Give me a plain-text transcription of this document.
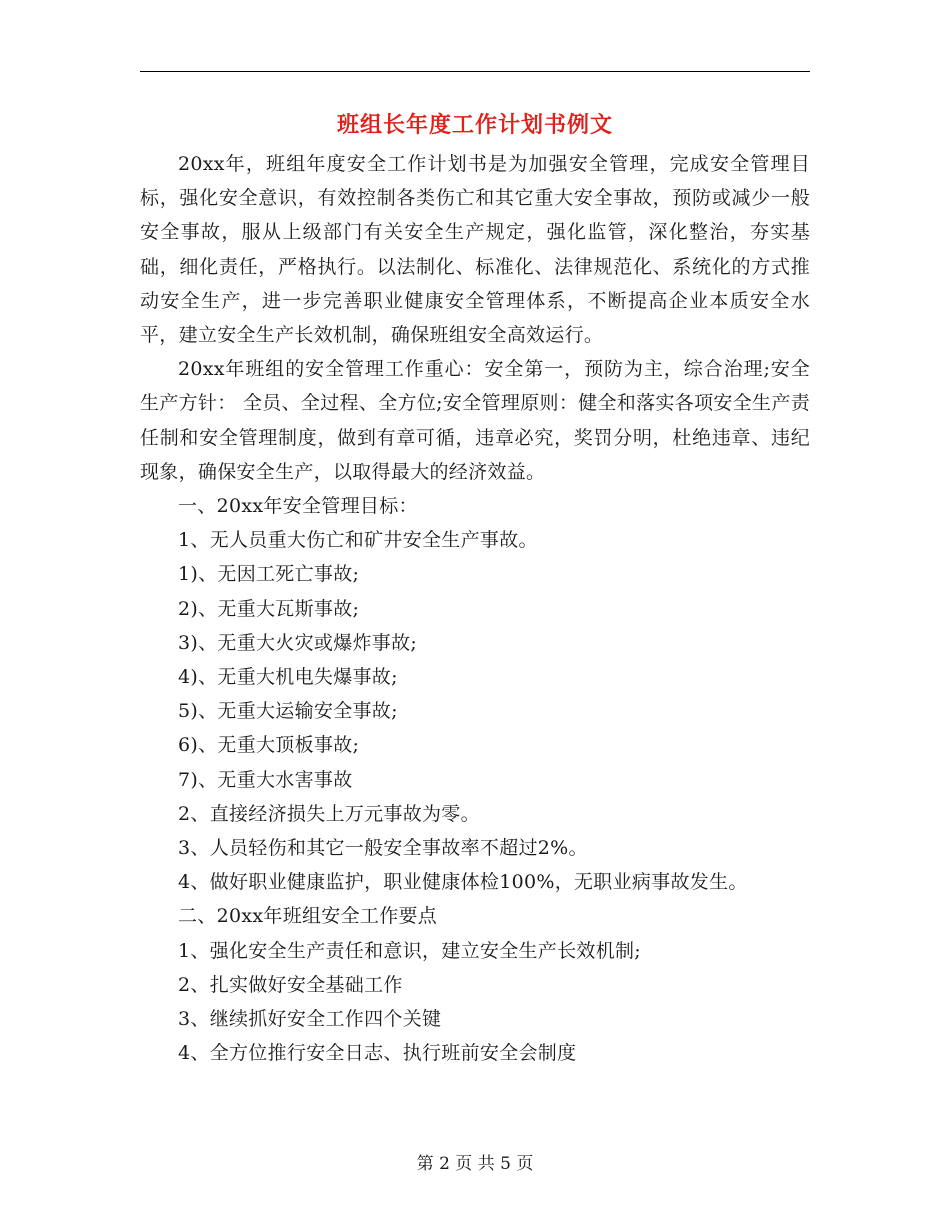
班组长年度工作计划书例文

20xx年，班组年度安全工作计划书是为加强安全管理，完成安全管理目标，强化安全意识，有效控制各类伤亡和其它重大安全事故，预防或减少一般安全事故，服从上级部门有关安全生产规定，强化监管，深化整治，夯实基础，细化责任，严格执行。以法制化、标准化、法律规范化、系统化的方式推动安全生产，进一步完善职业健康安全管理体系，不断提高企业本质安全水平，建立安全生产长效机制，确保班组安全高效运行。

20xx年班组的安全管理工作重心：安全第一，预防为主，综合治理;安全生产方针： 全员、全过程、全方位;安全管理原则：健全和落实各项安全生产责任制和安全管理制度，做到有章可循，违章必究，奖罚分明，杜绝违章、违纪现象，确保安全生产，以取得最大的经济效益。

一、20xx年安全管理目标：

1、无人员重大伤亡和矿井安全生产事故。

1)、无因工死亡事故;

2)、无重大瓦斯事故;

3)、无重大火灾或爆炸事故;

4)、无重大机电失爆事故;

5)、无重大运输安全事故;

6)、无重大顶板事故;

7)、无重大水害事故

2、直接经济损失上万元事故为零。

3、人员轻伤和其它一般安全事故率不超过2%。

4、做好职业健康监护，职业健康体检100%，无职业病事故发生。

二、20xx年班组安全工作要点

1、强化安全生产责任和意识，建立安全生产长效机制;

2、扎实做好安全基础工作

3、继续抓好安全工作四个关键

4、全方位推行安全日志、执行班前安全会制度

第 2 页 共 5 页
